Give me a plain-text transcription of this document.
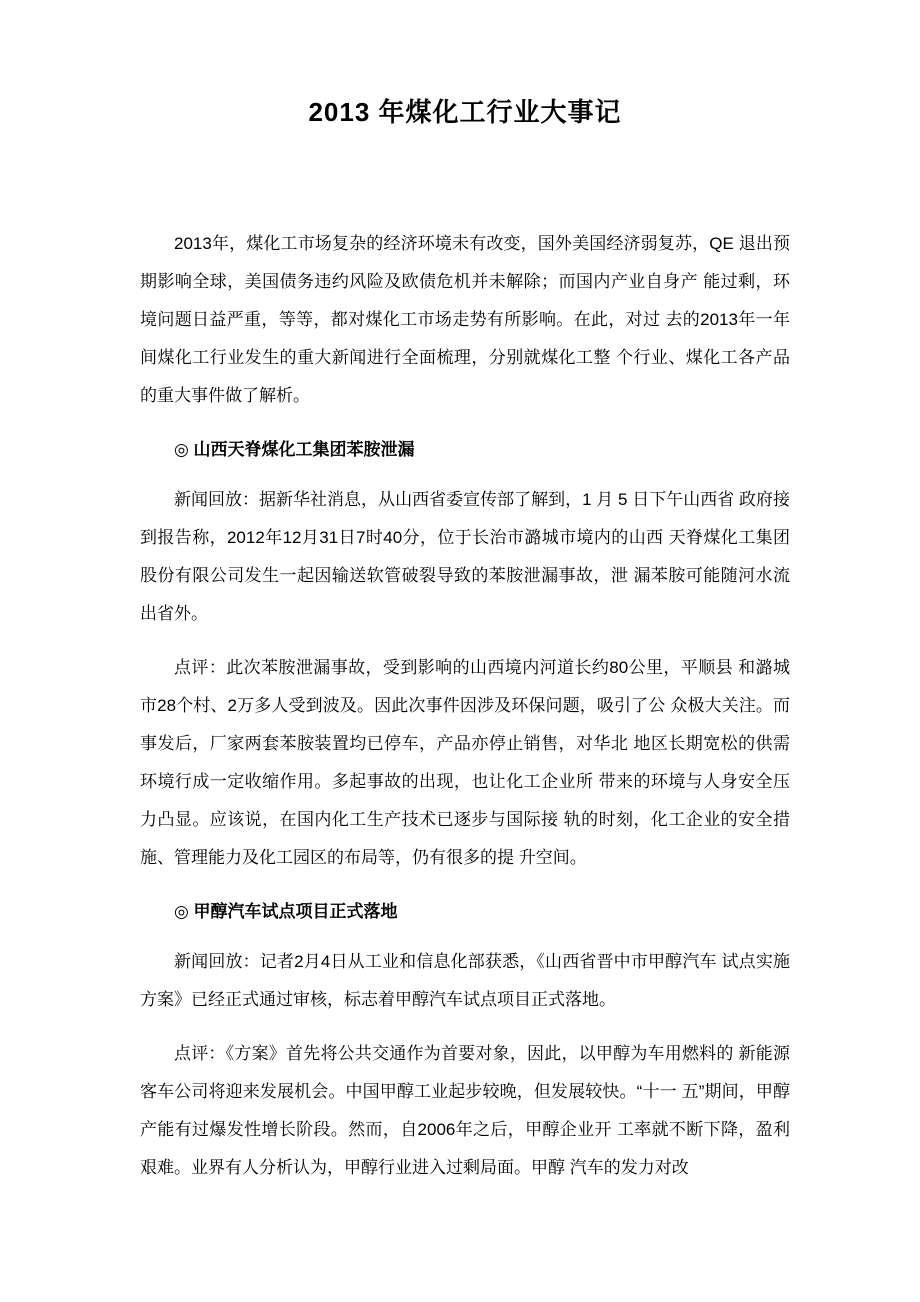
2013 年煤化工行业大事记

2013年，煤化工市场复杂的经济环境未有改变，国外美国经济弱复苏，QE 退出预期影响全球，美国债务违约风险及欧债危机并未解除；而国内产业自身产 能过剩，环境问题日益严重，等等，都对煤化工市场走势有所影响。在此，对过 去的2013年一年间煤化工行业发生的重大新闻进行全面梳理，分别就煤化工整 个行业、煤化工各产品的重大事件做了解析。

◎ 山西天脊煤化工集团苯胺泄漏

新闻回放：据新华社消息，从山西省委宣传部了解到，1 月 5 日下午山西省 政府接到报告称，2012年12月31日7时40分，位于长治市潞城市境内的山西 天脊煤化工集团股份有限公司发生一起因输送软管破裂导致的苯胺泄漏事故，泄 漏苯胺可能随河水流出省外。

点评：此次苯胺泄漏事故，受到影响的山西境内河道长约80公里，平顺县 和潞城市28个村、2万多人受到波及。因此次事件因涉及环保问题，吸引了公 众极大关注。而事发后，厂家两套苯胺装置均已停车，产品亦停止销售，对华北 地区长期宽松的供需环境行成一定收缩作用。多起事故的出现，也让化工企业所 带来的环境与人身安全压力凸显。应该说，在国内化工生产技术已逐步与国际接 轨的时刻，化工企业的安全措施、管理能力及化工园区的布局等，仍有很多的提 升空间。

◎ 甲醇汽车试点项目正式落地

新闻回放：记者2月4日从工业和信息化部获悉，《山西省晋中市甲醇汽车 试点实施方案》已经正式通过审核，标志着甲醇汽车试点项目正式落地。

点评：《方案》首先将公共交通作为首要对象，因此，以甲醇为车用燃料的 新能源客车公司将迎来发展机会。中国甲醇工业起步较晚，但发展较快。“十一 五”期间，甲醇产能有过爆发性增长阶段。然而，自2006年之后，甲醇企业开 工率就不断下降，盈利艰难。业界有人分析认为，甲醇行业进入过剩局面。甲醇 汽车的发力对改
